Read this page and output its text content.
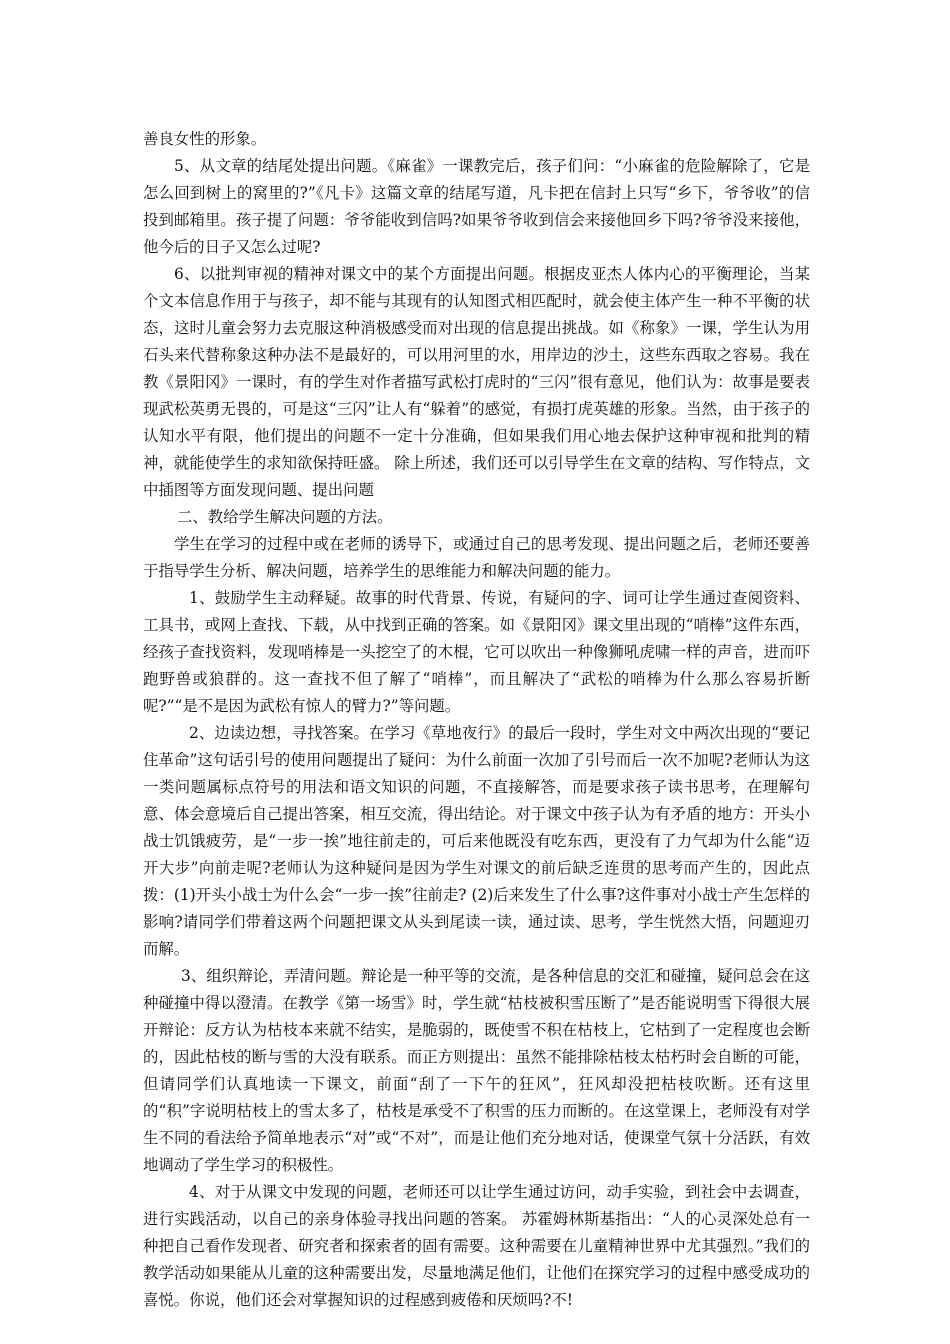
善良女性的形象。

5、从文章的结尾处提出问题。《麻雀》一课教完后，孩子们问：“小麻雀的危险解除了，它是怎么回到树上的窝里的?”《凡卡》这篇文章的结尾写道，凡卡把在信封上只写“乡下，爷爷收”的信投到邮箱里。孩子提了问题：爷爷能收到信吗?如果爷爷收到信会来接他回乡下吗?爷爷没来接他，他今后的日子又怎么过呢?

6、以批判审视的精神对课文中的某个方面提出问题。根据皮亚杰人体内心的平衡理论，当某个文本信息作用于与孩子，却不能与其现有的认知图式相匹配时，就会使主体产生一种不平衡的状态，这时儿童会努力去克服这种消极感受而对出现的信息提出挑战。如《称象》一课，学生认为用石头来代替称象这种办法不是最好的，可以用河里的水，用岸边的沙土，这些东西取之容易。我在教《景阳冈》一课时，有的学生对作者描写武松打虎时的“三闪”很有意见，他们认为：故事是要表现武松英勇无畏的，可是这“三闪”让人有“躲着”的感觉，有损打虎英雄的形象。当然，由于孩子的认知水平有限，他们提出的问题不一定十分准确，但如果我们用心地去保护这种审视和批判的精神，就能使学生的求知欲保持旺盛。 除上所述，我们还可以引导学生在文章的结构、写作特点，文中插图等方面发现问题、提出问题

二、教给学生解决问题的方法。

学生在学习的过程中或在老师的诱导下，或通过自己的思考发现、提出问题之后，老师还要善于指导学生分析、解决问题，培养学生的思维能力和解决问题的能力。

1、鼓励学生主动释疑。故事的时代背景、传说，有疑问的字、词可让学生通过查阅资料、工具书，或网上查找、下载，从中找到正确的答案。如《景阳冈》课文里出现的“哨棒”这件东西，经孩子查找资料，发现哨棒是一头挖空了的木棍，它可以吹出一种像狮吼虎啸一样的声音，进而吓跑野兽或狼群的。这一查找不但了解了“哨棒”，而且解决了“武松的哨棒为什么那么容易折断呢?”“是不是因为武松有惊人的臂力?”等问题。

2、边读边想，寻找答案。在学习《草地夜行》的最后一段时，学生对文中两次出现的“要记住革命”这句话引号的使用问题提出了疑问：为什么前面一次加了引号而后一次不加呢?老师认为这一类问题属标点符号的用法和语文知识的问题，不直接解答，而是要求孩子读书思考，在理解句意、体会意境后自己提出答案，相互交流，得出结论。对于课文中孩子认为有矛盾的地方：开头小战士饥饿疲劳，是“一步一挨”地往前走的，可后来他既没有吃东西，更没有了力气却为什么能“迈开大步”向前走呢?老师认为这种疑问是因为学生对课文的前后缺乏连贯的思考而产生的，因此点拨：(1)开头小战士为什么会“一步一挨”往前走? (2)后来发生了什么事?这件事对小战士产生怎样的影响?请同学们带着这两个问题把课文从头到尾读一读，通过读、思考，学生恍然大悟，问题迎刃而解。

3、组织辩论，弄清问题。辩论是一种平等的交流，是各种信息的交汇和碰撞，疑问总会在这种碰撞中得以澄清。在教学《第一场雪》时，学生就“枯枝被积雪压断了”是否能说明雪下得很大展开辩论：反方认为枯枝本来就不结实，是脆弱的，既使雪不积在枯枝上，它枯到了一定程度也会断的，因此枯枝的断与雪的大没有联系。而正方则提出：虽然不能排除枯枝太枯朽时会自断的可能，但请同学们认真地读一下课文，前面“刮了一下午的狂风”，狂风却没把枯枝吹断。还有这里的“积”字说明枯枝上的雪太多了，枯枝是承受不了积雪的压力而断的。在这堂课上，老师没有对学生不同的看法给予简单地表示“对”或“不对”，而是让他们充分地对话，使课堂气氛十分活跃，有效地调动了学生学习的积极性。

4、对于从课文中发现的问题，老师还可以让学生通过访问，动手实验，到社会中去调查，进行实践活动，以自己的亲身体验寻找出问题的答案。 苏霍姆林斯基指出：“人的心灵深处总有一种把自己看作发现者、研究者和探索者的固有需要。这种需要在儿童精神世界中尤其强烈。”我们的教学活动如果能从儿童的这种需要出发，尽量地满足他们，让他们在探究学习的过程中感受成功的喜悦。你说，他们还会对掌握知识的过程感到疲倦和厌烦吗?不!
